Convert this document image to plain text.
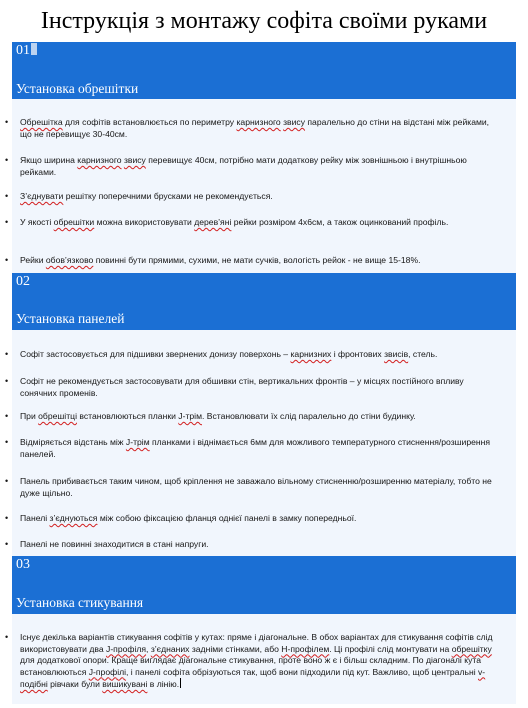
Інструкція з монтажу софіта своїми руками
01
Установка обрешітки
• Обрешітка для софітів встановлюється по периметру карнизного звису паралельно до стіни на відстані між рейками, що не перевищує 30-40см.
• Якщо ширина карнизного звису перевищує 40см, потрібно мати додаткову рейку між зовнішньою і внутрішньою рейками.
• З’єднувати решітку поперечними брусками не рекомендується.
• У якості обрешітки можна використовувати дерев’яні рейки розміром 4х6см, а також оцинкований профіль.
• Рейки обов’язково повинні бути прямими, сухими, не мати сучків, вологість рейок - не вище 15-18%.
02
Установка панелей
• Софіт застосовується для підшивки звернених донизу поверхонь – карнизних і фронтових звисів, стель.
• Софіт не рекомендується застосовувати для обшивки стін, вертикальних фронтів – у місцях постійного впливу сонячних променів.
• При обрешітці встановлюються планки J-трім. Встановлювати їх слід паралельно до стіни будинку.
• Відміряється відстань між J-трім планками і віднімається 6мм для можливого температурного стиснення/розширення панелей.
• Панель прибивається таким чином, щоб кріплення не заважало вільному стисненню/розширенню матеріалу, тобто не дуже щільно.
• Панелі з’єднуються між собою фіксацією фланця однієї панелі в замку попередньої.
• Панелі не повинні знаходитися в стані напруги.
03
Установка стикування
• Існує декілька варіантів стикування софітів у кутах: пряме і діагональне. В обох варіантах для стикування софітів слід використовувати два J-профіля, з’єднаних задніми стінками, або Н-профілем. Ці профілі слід монтувати на обрешітку для додаткової опори. Краще виглядає діагональне стикування, проте воно ж є і більш складним. По діагоналі кута встановлюються J-профілі, і панелі софіта обрізуються так, щоб вони підходили під кут. Важливо, щоб центральні v-подібні рівчаки були вишикувані в лінію.
